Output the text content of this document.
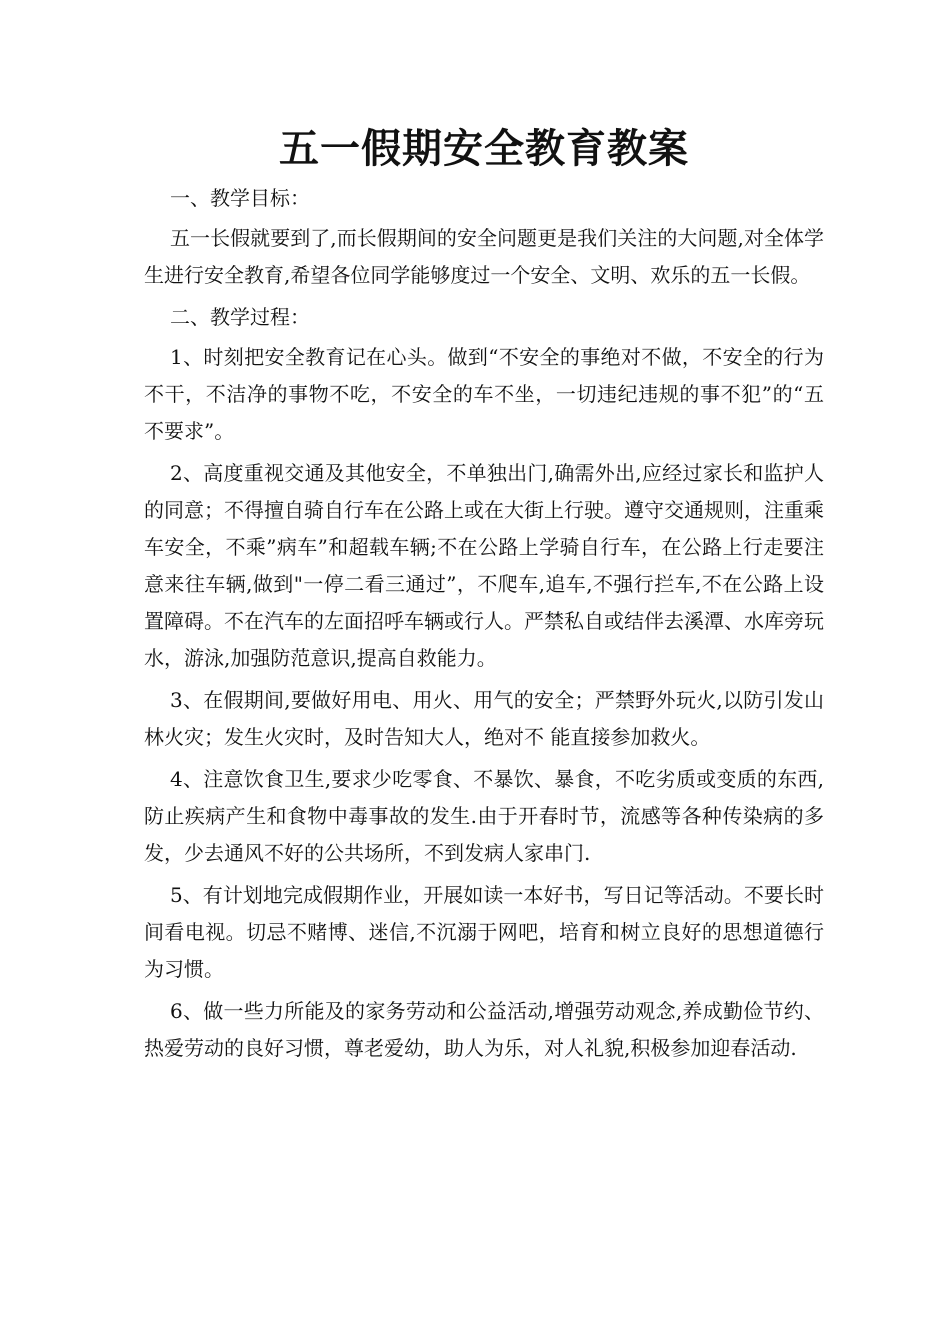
五一假期安全教育教案

一、教学目标：

五一长假就要到了,而长假期间的安全问题更是我们关注的大问题,对全体学生进行安全教育,希望各位同学能够度过一个安全、文明、欢乐的五一长假。

二、教学过程：

1、时刻把安全教育记在心头。做到“不安全的事绝对不做，不安全的行为不干，不洁净的事物不吃，不安全的车不坐，一切违纪违规的事不犯”的“五不要求”。

2、高度重视交通及其他安全，不单独出门,确需外出,应经过家长和监护人的同意；不得擅自骑自行车在公路上或在大街上行驶。遵守交通规则，注重乘车安全，不乘”病车”和超载车辆;不在公路上学骑自行车，在公路上行走要注意来往车辆,做到"一停二看三通过”，不爬车,追车,不强行拦车,不在公路上设置障碍。不在汽车的左面招呼车辆或行人。严禁私自或结伴去溪潭、水库旁玩水，游泳,加强防范意识,提高自救能力。

3、在假期间,要做好用电、用火、用气的安全；严禁野外玩火,以防引发山林火灾；发生火灾时，及时告知大人，绝对不 能直接参加救火。

4、注意饮食卫生,要求少吃零食、不暴饮、暴食，不吃劣质或变质的东西,防止疾病产生和食物中毒事故的发生.由于开春时节，流感等各种传染病的多发，少去通风不好的公共场所，不到发病人家串门.

5、有计划地完成假期作业，开展如读一本好书，写日记等活动。不要长时间看电视。切忌不赌博、迷信,不沉溺于网吧，培育和树立良好的思想道德行为习惯。

6、做一些力所能及的家务劳动和公益活动,增强劳动观念,养成勤俭节约、热爱劳动的良好习惯，尊老爱幼，助人为乐，对人礼貌,积极参加迎春活动.
